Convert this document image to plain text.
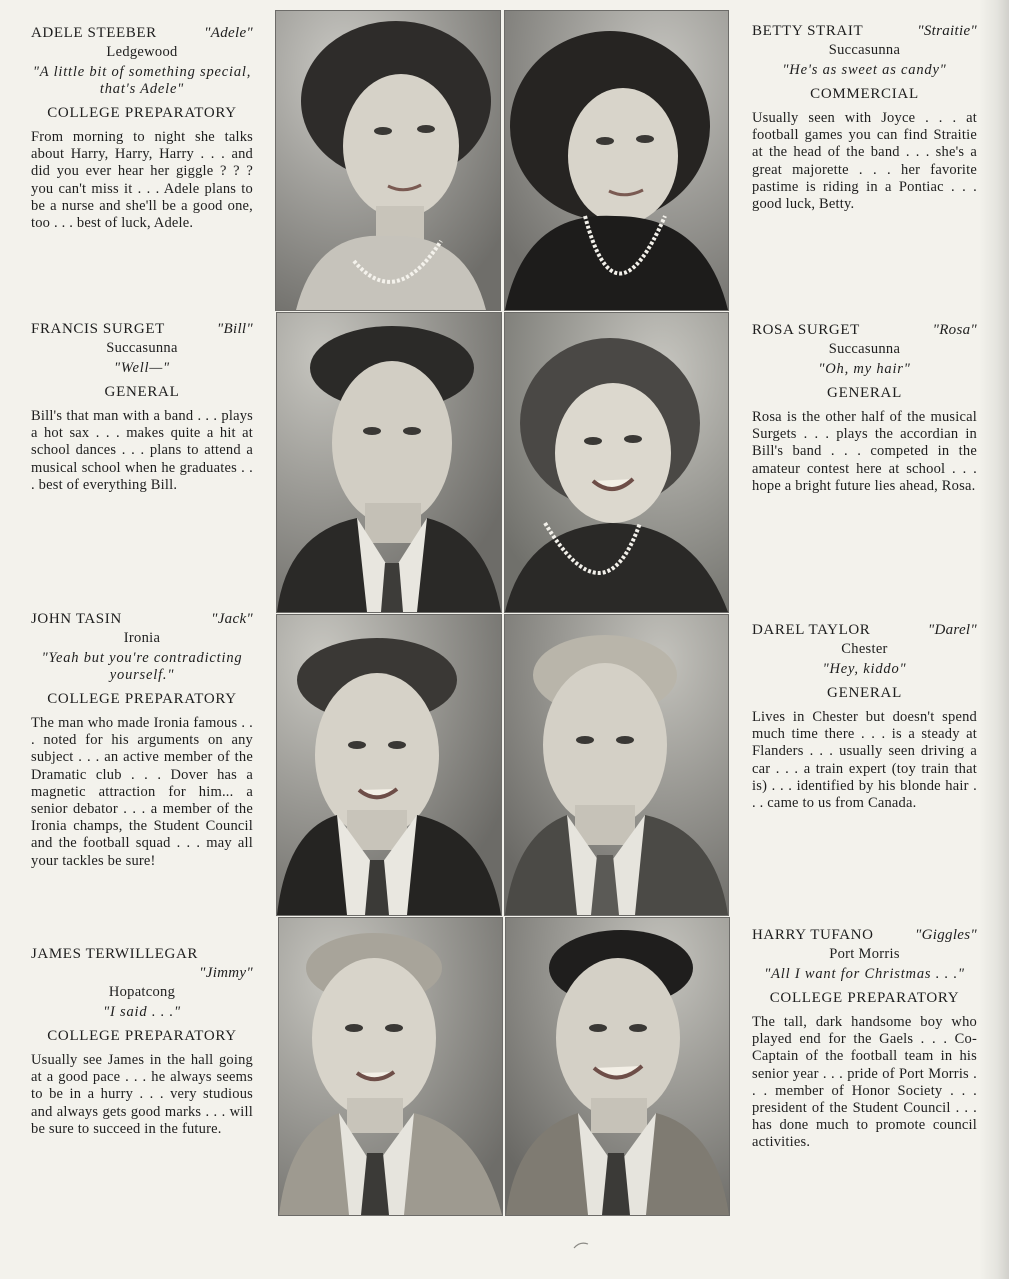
ADELE STEEBER	"Adele"
Ledgewood
"A little bit of something special, that's Adele"
COLLEGE PREPARATORY
From morning to night she talks about Harry, Harry, Harry . . . and did you ever hear her giggle ? ? ? you can't miss it . . . Adele plans to be a nurse and she'll be a good one, too . . . best of luck, Adele.
FRANCIS SURGET	"Bill"
Succasunna
"Well—"
GENERAL
Bill's that man with a band . . . plays a hot sax . . . makes quite a hit at school dances . . . plans to attend a musical school when he graduates . . . best of everything Bill.
JOHN TASIN	"Jack"
Ironia
"Yeah but you're contradicting yourself."
COLLEGE PREPARATORY
The man who made Ironia famous . . . noted for his arguments on any subject . . . an active member of the Dramatic club . . . Dover has a magnetic attraction for him... a senior debator . . . a member of the Ironia champs, the Student Council and the football squad . . . may all your tackles be sure!
JAMES TERWILLEGAR
"Jimmy"
Hopatcong
"I said . . ."
COLLEGE PREPARATORY
Usually see James in the hall going at a good pace . . . he always seems to be in a hurry . . . very studious and always gets good marks . . . will be sure to succeed in the future.
BETTY STRAIT	"Straitie"
Succasunna
"He's as sweet as candy"
COMMERCIAL
Usually seen with Joyce . . . at football games you can find Straitie at the head of the band . . . she's a great majorette . . . her favorite pastime is riding in a Pontiac . . . good luck, Betty.
ROSA SURGET	"Rosa"
Succasunna
"Oh, my hair"
GENERAL
Rosa is the other half of the musical Surgets . . . plays the accordian in Bill's band . . . competed in the amateur contest here at school . . . hope a bright future lies ahead, Rosa.
DAREL TAYLOR	"Darel"
Chester
"Hey, kiddo"
GENERAL
Lives in Chester but doesn't spend much time there . . . is a steady at Flanders . . . usually seen driving a car . . . a train expert (toy train that is) . . . identified by his blonde hair . . . came to us from Canada.
HARRY TUFANO	"Giggles"
Port Morris
"All I want for Christmas . . ."
COLLEGE PREPARATORY
The tall, dark handsome boy who played end for the Gaels . . . Co-Captain of the football team in his senior year . . . pride of Port Morris . . . member of Honor Society . . . president of the Student Council . . . has done much to promote council activities.
